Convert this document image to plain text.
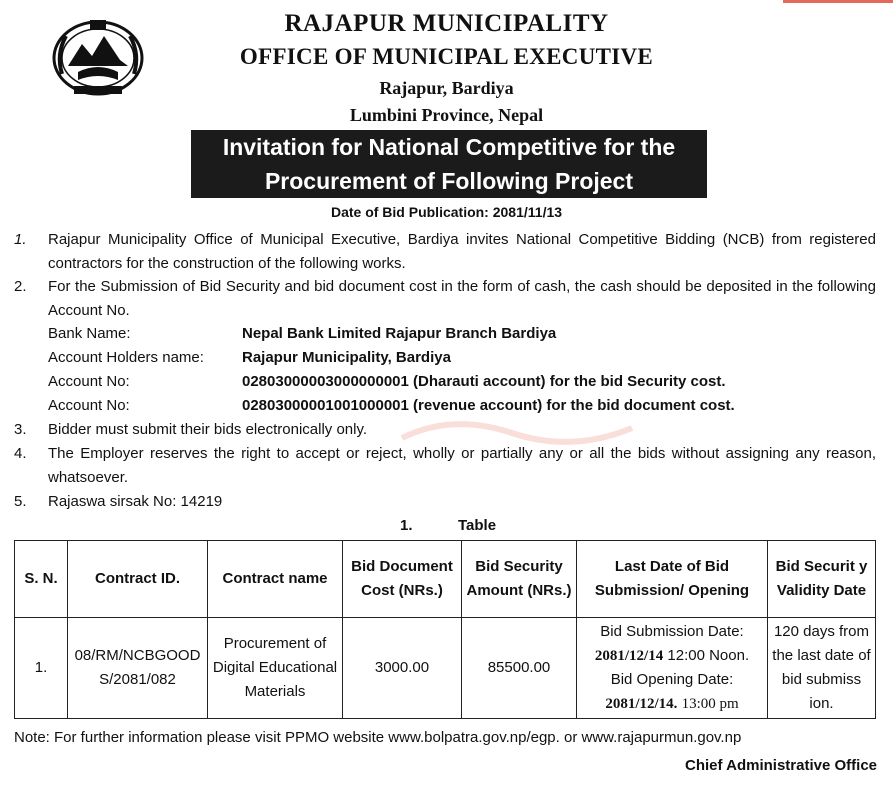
RAJAPUR MUNICIPALITY
OFFICE OF MUNICIPAL EXECUTIVE
Rajapur, Bardiya
Lumbini Province, Nepal
Invitation for National Competitive for the
Procurement of Following Project
Date of Bid Publication: 2081/11/13
1.	Rajapur Municipality Office of Municipal Executive, Bardiya invites National Competitive Bidding (NCB) from registered contractors for the construction of the following works.
2.	For the Submission of Bid Security and bid document cost in the form of cash, the cash should be deposited in the following Account No.
Bank Name:	Nepal Bank Limited Rajapur Branch Bardiya
Account Holders name:	Rajapur Municipality, Bardiya
Account No:	02803000003000000001 (Dharauti account) for the bid Security cost.
Account No:	02803000001001000001 (revenue account) for the bid document cost.
3.	Bidder must submit their bids electronically only.
4.	The Employer reserves the right to accept or reject, wholly or partially any or all the bids without assigning any reason, whatsoever.
5.	Rajaswa sirsak No: 14219
1.	Table
S. N.	Contract ID.	Contract name	Bid Document Cost (NRs.)	Bid Security Amount (NRs.)	Last Date of Bid Submission/ Opening	Bid Securit y Validity Date
1.	08/RM/NCBGOODS/2081/082	Procurement of Digital Educational Materials	3000.00	85500.00	Bid Submission Date:
2081/12/14 12:00 Noon.
Bid Opening Date:
2081/12/14. 13:00 pm	120 days from the last date of bid submiss ion.
Note: For further information please visit PPMO website www.bolpatra.gov.np/egp. or www.rajapurmun.gov.np
Chief Administrative Office
